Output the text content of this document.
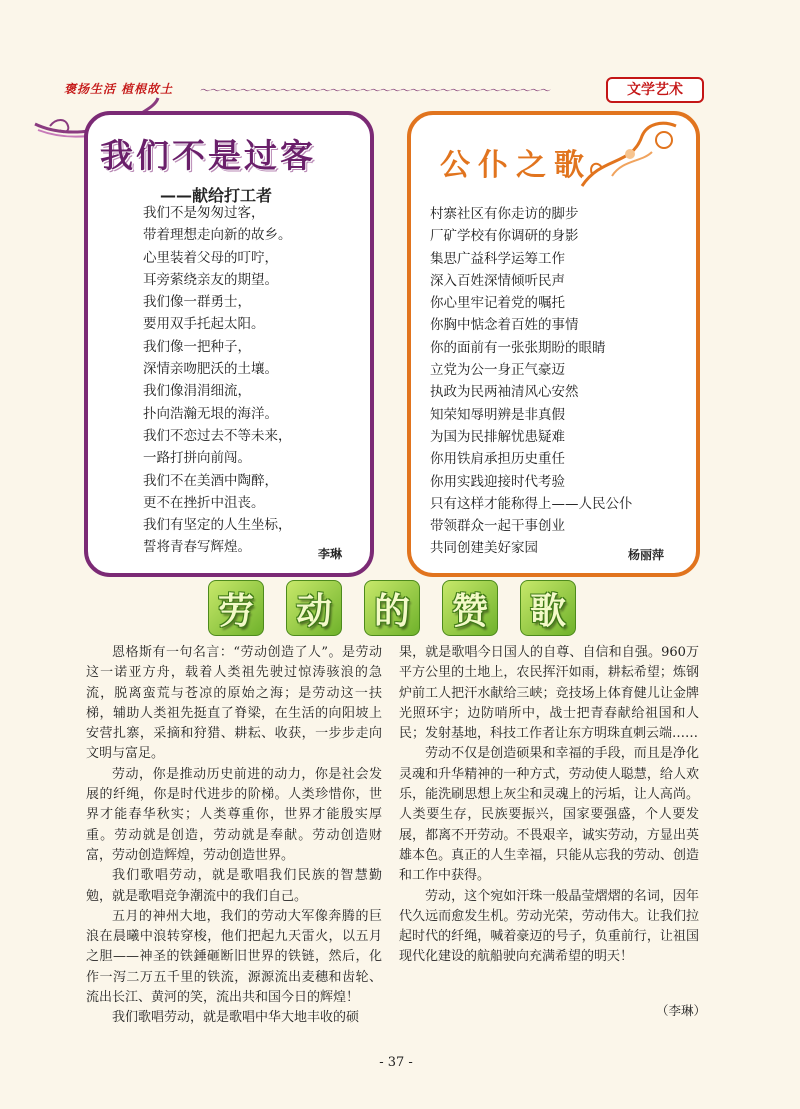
褒扬生活 植根故土 〜〜〜〜〜〜〜〜〜〜〜〜〜〜〜〜〜〜〜〜〜〜〜〜〜〜〜〜〜〜〜〜〜〜〜	文学艺术
我们不是过客
——献给打工者
我们不是匆匆过客，
带着理想走向新的故乡。
心里装着父母的叮咛，
耳旁萦绕亲友的期望。
我们像一群勇士，
要用双手托起太阳。
我们像一把种子，
深情亲吻肥沃的土壤。
我们像涓涓细流，
扑向浩瀚无垠的海洋。
我们不恋过去不等未来，
一路打拼向前闯。
我们不在美酒中陶醉，
更不在挫折中沮丧。
我们有坚定的人生坐标，
誓将青春写辉煌。	李琳
公仆之歌
村寨社区有你走访的脚步
厂矿学校有你调研的身影
集思广益科学运筹工作
深入百姓深情倾听民声
你心里牢记着党的嘱托
你胸中惦念着百姓的事情
你的面前有一张张期盼的眼睛
立党为公一身正气豪迈
执政为民两袖清风心安然
知荣知辱明辨是非真假
为国为民排解忧患疑难
你用铁肩承担历史重任
你用实践迎接时代考验
只有这样才能称得上——人民公仆
带领群众一起干事创业
共同创建美好家园	杨丽萍
劳 动 的 赞 歌

恩格斯有一句名言：“劳动创造了人”。是劳动这一诺亚方舟，载着人类祖先驶过惊涛骇浪的急流，脱离蛮荒与苍凉的原始之海；是劳动这一扶梯，辅助人类祖先挺直了脊梁，在生活的向阳坡上安营扎寨，采摘和狩猎、耕耘、收获，一步步走向文明与富足。

劳动，你是推动历史前进的动力，你是社会发展的纤绳，你是时代进步的阶梯。人类珍惜你，世界才能春华秋实；人类尊重你，世界才能殷实厚重。劳动就是创造，劳动就是奉献。劳动创造财富，劳动创造辉煌，劳动创造世界。

我们歌唱劳动，就是歌唱我们民族的智慧勤勉，就是歌唱竞争潮流中的我们自己。

五月的神州大地，我们的劳动大军像奔腾的巨浪在晨曦中浪转穿梭，他们把起九天雷火，以五月之胆——神圣的铁錘砸断旧世界的铁链，然后，化作一泻二万五千里的铁流，源源流出麦穗和齿轮、流出长江、黄河的笑，流出共和国今日的辉煌！

我们歌唱劳动，就是歌唱中华大地丰收的硕

果，就是歌唱今日国人的自尊、自信和自强。960万平方公里的土地上，农民挥汗如雨，耕耘希望；炼钢炉前工人把汗水献给三峡；竞技场上体育健儿让金牌光照环宇；边防哨所中，战士把青春献给祖国和人民；发射基地，科技工作者让东方明珠直刺云端……

劳动不仅是创造硕果和幸福的手段，而且是净化灵魂和升华精神的一种方式，劳动使人聪慧，给人欢乐，能洗刷思想上灰尘和灵魂上的污垢，让人高尚。人类要生存，民族要振兴，国家要强盛，个人要发展，都离不开劳动。不畏艰辛，诚实劳动，方显出英雄本色。真正的人生幸福，只能从忘我的劳动、创造和工作中获得。

劳动，这个宛如汗珠一般晶莹熠熠的名词，因年代久远而愈发生机。劳动光荣，劳动伟大。让我们拉起时代的纤绳，喊着豪迈的号子，负重前行，让祖国现代化建设的航船驶向充满希望的明天！

（李琳）
- 37 -
